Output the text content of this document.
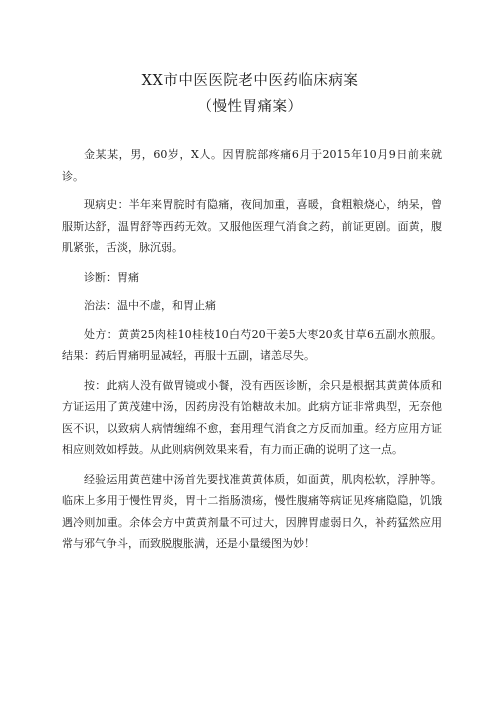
XX市中医医院老中医药临床病案
（慢性胃痛案）

金某某，男，60岁，X人。因胃脘部疼痛6月于2015年10月9日前来就诊。

现病史：半年来胃脘时有隐痛，夜间加重，喜暖，食粗粮烧心，纳呆，曾服斯达舒，温胃舒等西药无效。又服他医理气消食之药，前证更剧。面黄，腹肌紧张，舌淡，脉沉弱。

诊断：胃痛

治法：温中不虚，和胃止痛

处方：黄黄25肉桂10桂枝10白芍20干姜5大枣20炙甘草6五副水煎服。结果：药后胃痛明显减轻，再服十五副，诸恙尽失。

按：此病人没有做胃镜或小餐，没有西医诊断，余只是根据其黄黄体质和方证运用了黄茂建中汤，因药房没有饴糖故未加。此病方证非常典型，无奈他医不识，以致病人病情缠绵不愈，套用理气消食之方反而加重。经方应用方证相应则效如桴鼓。从此则病例效果来看，有力而正确的说明了这一点。

经验运用黄芭建中汤首先要找准黄黄体质，如面黄，肌肉松软，浮肿等。临床上多用于慢性胃炎，胃十二指肠溃疡，慢性腹痛等病证见疼痛隐隐，饥饿遇冷则加重。余体会方中黄黄剂量不可过大，因脾胃虚弱日久，补药猛然应用常与邪气争斗，而致脱腹胀满，还是小量缓图为妙！
